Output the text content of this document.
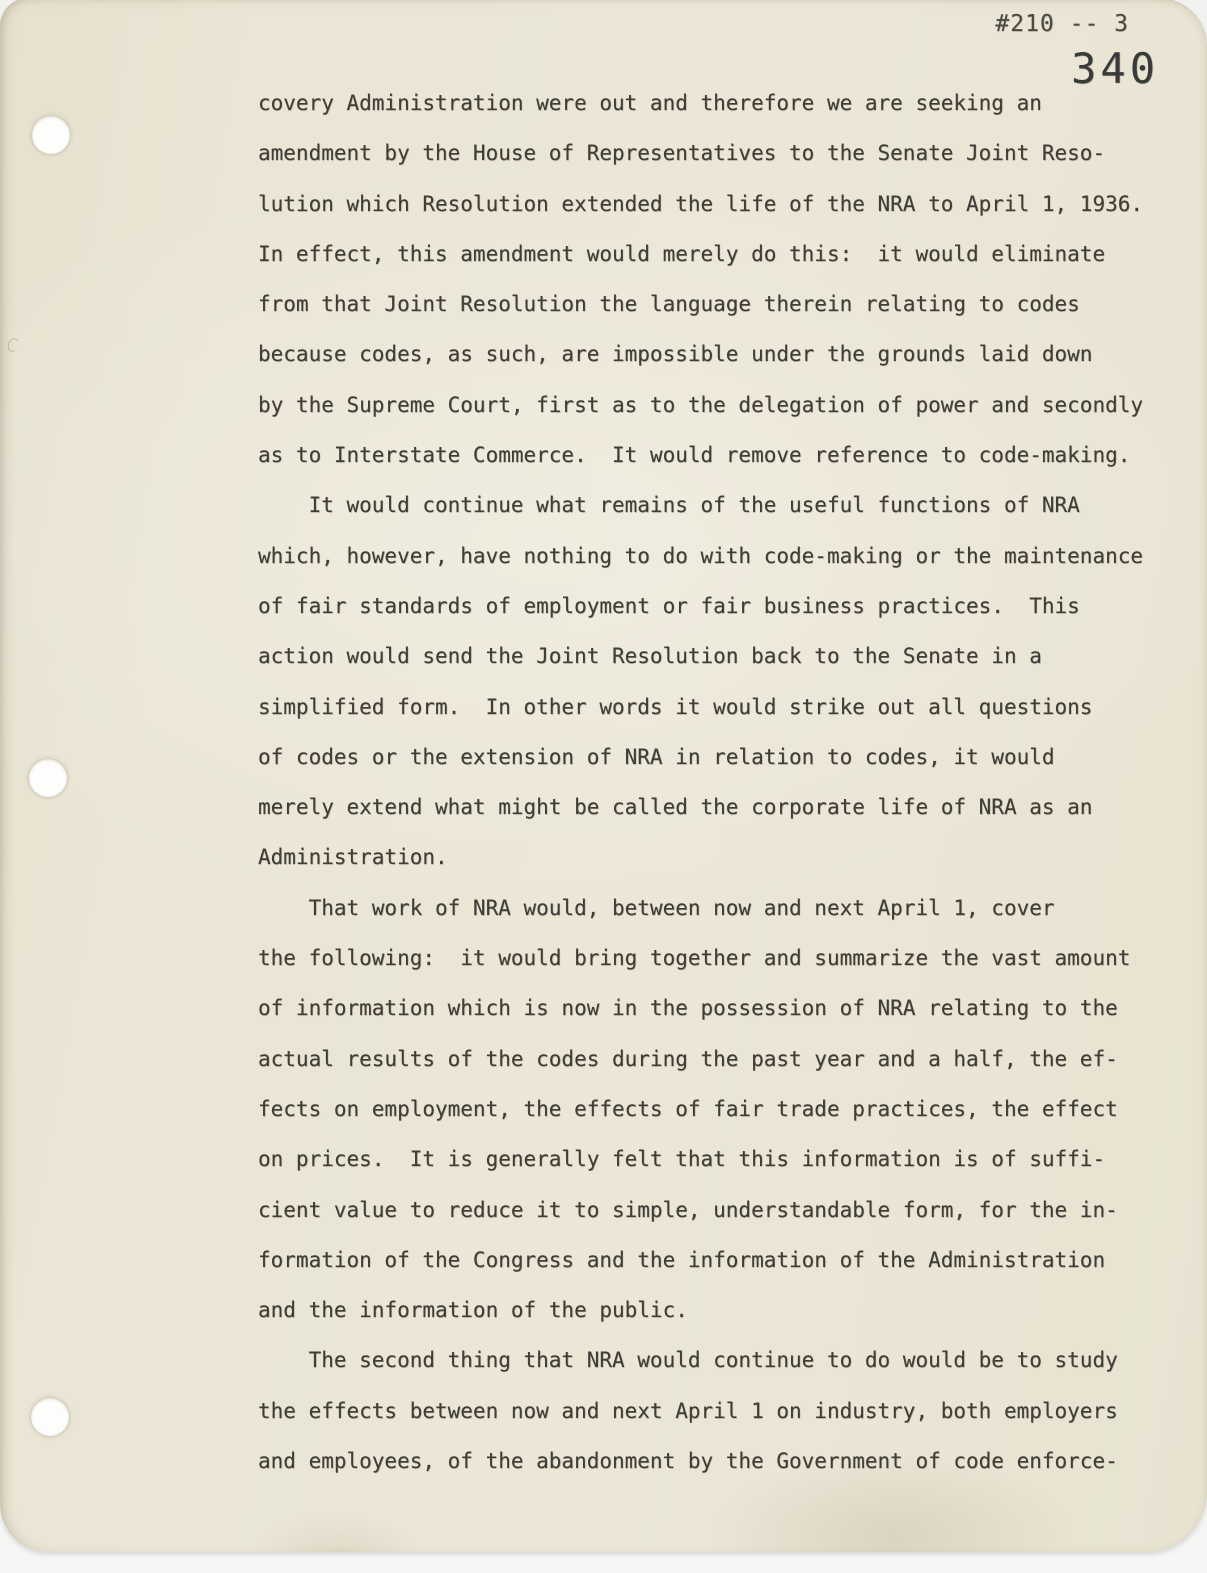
#210 -- 3
340
covery Administration were out and therefore we are seeking an
amendment by the House of Representatives to the Senate Joint Reso-
lution which Resolution extended the life of the NRA to April 1, 1936.
In effect, this amendment would merely do this:  it would eliminate
from that Joint Resolution the language therein relating to codes
because codes, as such, are impossible under the grounds laid down
by the Supreme Court, first as to the delegation of power and secondly
as to Interstate Commerce.  It would remove reference to code-making.
It would continue what remains of the useful functions of NRA
which, however, have nothing to do with code-making or the maintenance
of fair standards of employment or fair business practices.  This
action would send the Joint Resolution back to the Senate in a
simplified form.  In other words it would strike out all questions
of codes or the extension of NRA in relation to codes, it would
merely extend what might be called the corporate life of NRA as an
Administration.
That work of NRA would, between now and next April 1, cover
the following:  it would bring together and summarize the vast amount
of information which is now in the possession of NRA relating to the
actual results of the codes during the past year and a half, the ef-
fects on employment, the effects of fair trade practices, the effect
on prices.  It is generally felt that this information is of suffi-
cient value to reduce it to simple, understandable form, for the in-
formation of the Congress and the information of the Administration
and the information of the public.
The second thing that NRA would continue to do would be to study
the effects between now and next April 1 on industry, both employers
and employees, of the abandonment by the Government of code enforce-
